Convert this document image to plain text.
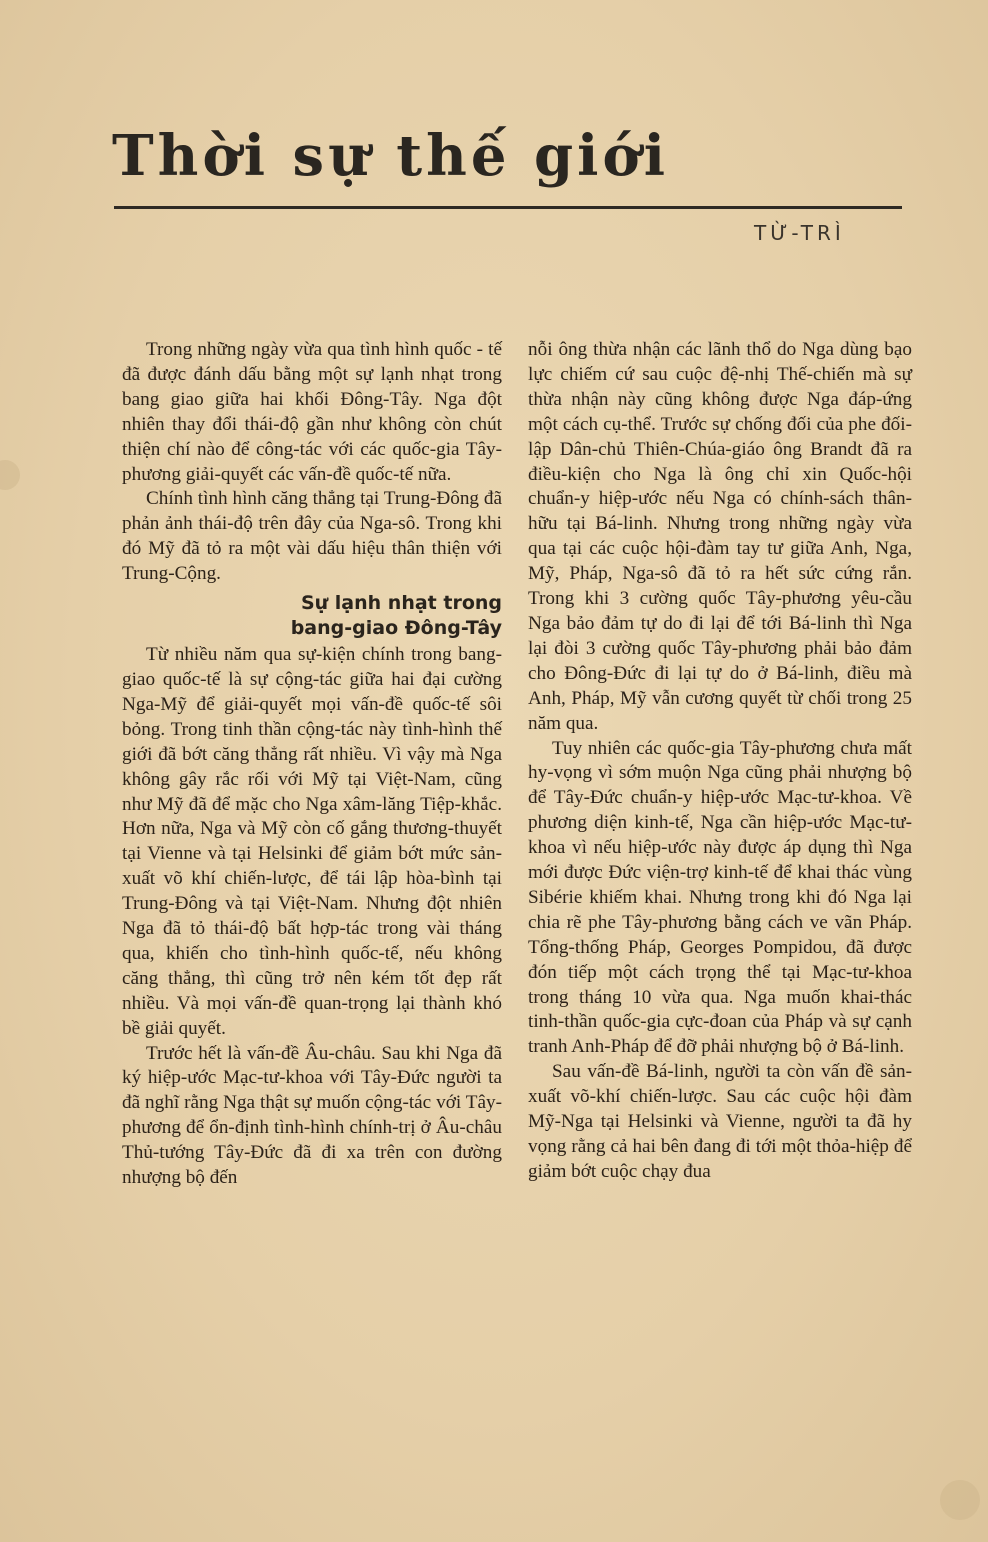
Thời sự thế giới
TỪ-TRÌ

Trong những ngày vừa qua tình hình quốc - tế đã được đánh dấu bằng một sự lạnh nhạt trong bang giao giữa hai khối Đông-Tây. Nga đột nhiên thay đổi thái-độ gần như không còn chút thiện chí nào để công-tác với các quốc-gia Tây-phương giải-quyết các vấn-đề quốc-tế nữa.

Chính tình hình căng thẳng tại Trung-Đông đã phản ảnh thái-độ trên đây của Nga-sô. Trong khi đó Mỹ đã tỏ ra một vài dấu hiệu thân thiện với Trung-Cộng.

Sự lạnh nhạt trong
bang-giao Đông-Tây

Từ nhiều năm qua sự-kiện chính trong bang-giao quốc-tế là sự cộng-tác giữa hai đại cường Nga-Mỹ để giải-quyết mọi vấn-đề quốc-tế sôi bỏng. Trong tinh thần cộng-tác này tình-hình thế giới đã bớt căng thẳng rất nhiều. Vì vậy mà Nga không gây rắc rối với Mỹ tại Việt-Nam, cũng như Mỹ đã để mặc cho Nga xâm-lăng Tiệp-khắc. Hơn nữa, Nga và Mỹ còn cố gắng thương-thuyết tại Vienne và tại Helsinki để giảm bớt mức sản-xuất võ khí chiến-lược, để tái lập hòa-bình tại Trung-Đông và tại Việt-Nam. Nhưng đột nhiên Nga đã tỏ thái-độ bất hợp-tác trong vài tháng qua, khiến cho tình-hình quốc-tế, nếu không căng thẳng, thì cũng trở nên kém tốt đẹp rất nhiều. Và mọi vấn-đề quan-trọng lại thành khó bề giải quyết.

Trước hết là vấn-đề Âu-châu. Sau khi Nga đã ký hiệp-ước Mạc-tư-khoa với Tây-Đức người ta đã nghĩ rằng Nga thật sự muốn cộng-tác với Tây-phương để ổn-định tình-hình chính-trị ở Âu-châu Thủ-tướng Tây-Đức đã đi xa trên con đường nhượng bộ đến

nỗi ông thừa nhận các lãnh thổ do Nga dùng bạo lực chiếm cứ sau cuộc đệ-nhị Thế-chiến mà sự thừa nhận này cũng không được Nga đáp-ứng một cách cụ-thể. Trước sự chống đối của phe đối-lập Dân-chủ Thiên-Chúa-giáo ông Brandt đã ra điều-kiện cho Nga là ông chỉ xin Quốc-hội chuẩn-y hiệp-ước nếu Nga có chính-sách thân-hữu tại Bá-linh. Nhưng trong những ngày vừa qua tại các cuộc hội-đàm tay tư giữa Anh, Nga, Mỹ, Pháp, Nga-sô đã tỏ ra hết sức cứng rắn. Trong khi 3 cường quốc Tây-phương yêu-cầu Nga bảo đảm tự do đi lại để tới Bá-linh thì Nga lại đòi 3 cường quốc Tây-phương phải bảo đảm cho Đông-Đức đi lại tự do ở Bá-linh, điều mà Anh, Pháp, Mỹ vẫn cương quyết từ chối trong 25 năm qua.

Tuy nhiên các quốc-gia Tây-phương chưa mất hy-vọng vì sớm muộn Nga cũng phải nhượng bộ để Tây-Đức chuẩn-y hiệp-ước Mạc-tư-khoa. Về phương diện kinh-tế, Nga cần hiệp-ước Mạc-tư-khoa vì nếu hiệp-ước này được áp dụng thì Nga mới được Đức viện-trợ kinh-tế để khai thác vùng Sibérie khiếm khai. Nhưng trong khi đó Nga lại chia rẽ phe Tây-phương bằng cách ve vãn Pháp. Tổng-thống Pháp, Georges Pompidou, đã được đón tiếp một cách trọng thể tại Mạc-tư-khoa trong tháng 10 vừa qua. Nga muốn khai-thác tinh-thần quốc-gia cực-đoan của Pháp và sự cạnh tranh Anh-Pháp để đỡ phải nhượng bộ ở Bá-linh.

Sau vấn-đề Bá-linh, người ta còn vấn đề sản-xuất võ-khí chiến-lược. Sau các cuộc hội đàm Mỹ-Nga tại Helsinki và Vienne, người ta đã hy vọng rằng cả hai bên đang đi tới một thỏa-hiệp để giảm bớt cuộc chạy đua
